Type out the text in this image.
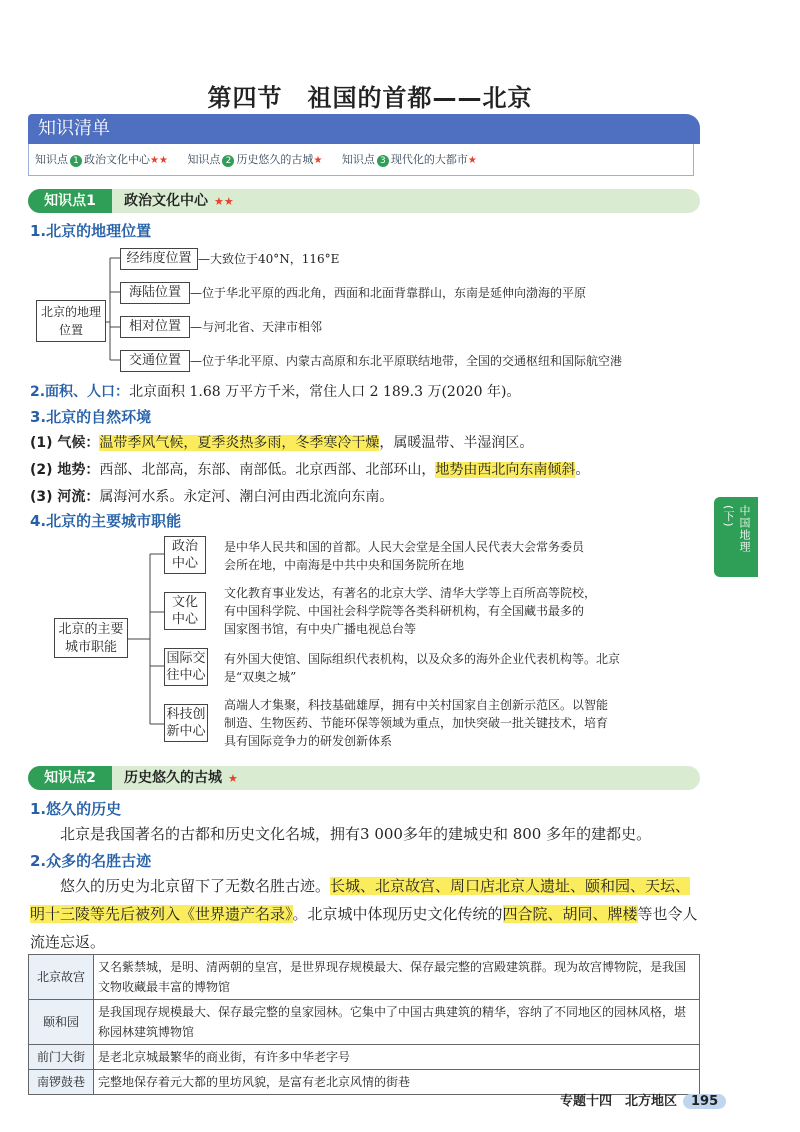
第四节　祖国的首都——北京
知识清单
知识点 1 政治文化中心★★ 知识点 2 历史悠久的古城★ 知识点 3 现代化的大都市★
知识点1	政治文化中心 ★★
1.北京的地理位置
北京的地理位置
经纬度位置
海陆位置
相对位置
交通位置
—大致位于40°N，116°E
—位于华北平原的西北角，西面和北面背靠群山，东南是延伸向渤海的平原
—与河北省、天津市相邻
—位于华北平原、内蒙古高原和东北平原联结地带，全国的交通枢纽和国际航空港
2.面积、人口：北京面积 1.68 万平方千米，常住人口 2 189.3 万(2020 年)。
3.北京的自然环境
(1) 气候：温带季风气候，夏季炎热多雨，冬季寒冷干燥，属暖温带、半湿润区。
(2) 地势：西部、北部高，东部、南部低。北京西部、北部环山，地势由西北向东南倾斜。
(3) 河流：属海河水系。永定河、潮白河由西北流向东南。
4.北京的主要城市职能
北京的主要城市职能
政治中心
文化中心
国际交往中心
科技创新中心
是中华人民共和国的首都。人民大会堂是全国人民代表大会常务委员
会所在地，中南海是中共中央和国务院所在地
文化教育事业发达，有著名的北京大学、清华大学等上百所高等院校，
有中国科学院、中国社会科学院等各类科研机构，有全国藏书最多的
国家图书馆，有中央广播电视总台等
有外国大使馆、国际组织代表机构，以及众多的海外企业代表机构等。北京
是“双奥之城”
高端人才集聚，科技基础雄厚，拥有中关村国家自主创新示范区。以智能
制造、生物医药、节能环保等领域为重点，加快突破一批关键技术，培育
具有国际竞争力的研发创新体系
知识点2	历史悠久的古城 ★
1.悠久的历史
北京是我国著名的古都和历史文化名城，拥有3 000多年的建城史和 800 多年的建都史。
2.众多的名胜古迹
悠久的历史为北京留下了无数名胜古迹。长城、北京故宫、周口店北京人遗址、颐和园、天坛、明十三陵等先后被列入《世界遗产名录》。北京城中体现历史文化传统的四合院、胡同、牌楼等也令人流连忘返。
北京故宫	又名紫禁城，是明、清两朝的皇宫，是世界现存规模最大、保存最完整的宫殿建筑群。现为故宫博物院，是我国文物收藏最丰富的博物馆
颐和园	是我国现存规模最大、保存最完整的皇家园林。它集中了中国古典建筑的精华，容纳了不同地区的园林风格，堪称园林建筑博物馆
前门大街	是老北京城最繁华的商业街，有许多中华老字号
南锣鼓巷	完整地保存着元大都的里坊风貌，是富有老北京风情的街巷
中国地理(下)
专题十四　北方地区 195
